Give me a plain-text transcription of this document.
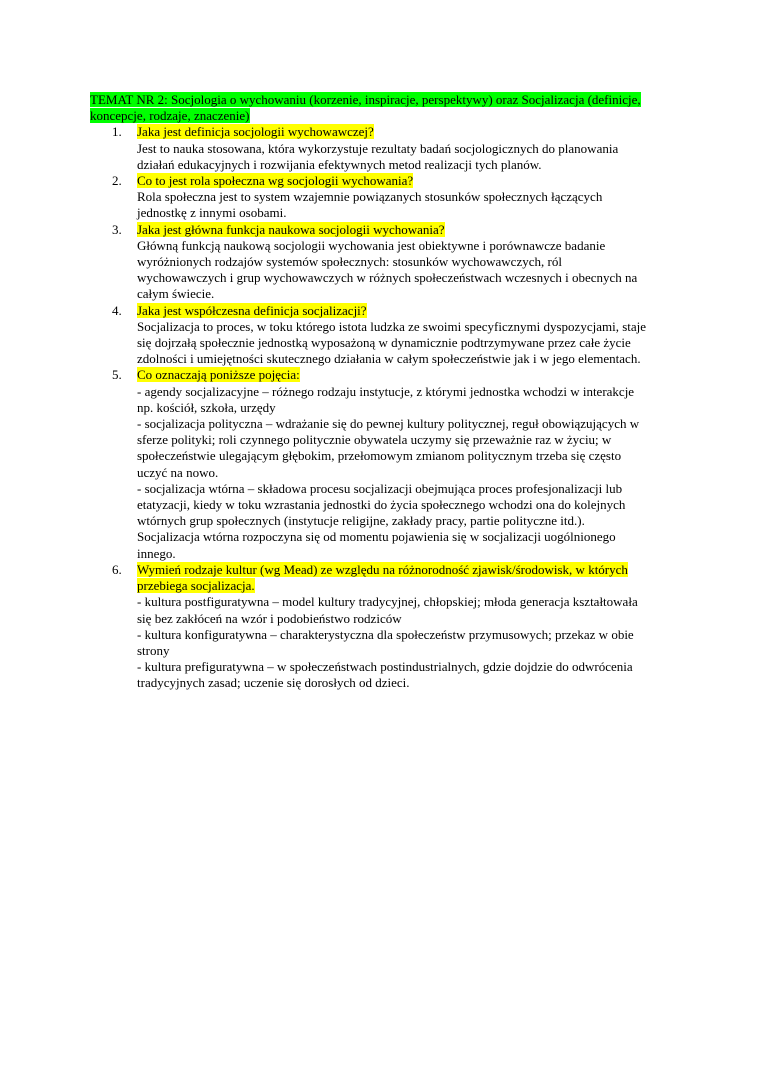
TEMAT NR 2: Socjologia o wychowaniu (korzenie, inspiracje, perspektywy) oraz Socjalizacja (definicje, koncepcje, rodzaje, znaczenie)

1. Jaka jest definicja socjologii wychowawczej?
Jest to nauka stosowana, która wykorzystuje rezultaty badań socjologicznych do planowania działań edukacyjnych i rozwijania efektywnych metod realizacji tych planów.
2. Co to jest rola społeczna wg socjologii wychowania?
Rola społeczna jest to system wzajemnie powiązanych stosunków społecznych łączących jednostkę z innymi osobami.
3. Jaka jest główna funkcja naukowa socjologii wychowania?
Główną funkcją naukową socjologii wychowania jest obiektywne i porównawcze badanie wyróżnionych rodzajów systemów społecznych: stosunków wychowawczych, ról wychowawczych i grup wychowawczych w różnych społeczeństwach wczesnych i obecnych na całym świecie.
4. Jaka jest współczesna definicja socjalizacji?
Socjalizacja to proces, w toku którego istota ludzka ze swoimi specyficznymi dyspozycjami, staje się dojrzałą społecznie jednostką wyposażoną w dynamicznie podtrzymywane przez całe życie zdolności i umiejętności skutecznego działania w całym społeczeństwie jak i w jego elementach.
5. Co oznaczają poniższe pojęcia:
- agendy socjalizacyjne – różnego rodzaju instytucje, z którymi jednostka wchodzi w interakcje np. kościół, szkoła, urzędy
- socjalizacja polityczna – wdrażanie się do pewnej kultury politycznej, reguł obowiązujących w sferze polityki; roli czynnego politycznie obywatela uczymy się przeważnie raz w życiu; w społeczeństwie ulegającym głębokim, przełomowym zmianom politycznym trzeba się często uczyć na nowo.
- socjalizacja wtórna – składowa procesu socjalizacji obejmująca proces profesjonalizacji lub etatyzacji, kiedy w toku wzrastania jednostki do życia społecznego wchodzi ona do kolejnych wtórnych grup społecznych (instytucje religijne, zakłady pracy, partie polityczne itd.). Socjalizacja wtórna rozpoczyna się od momentu pojawienia się w socjalizacji uogólnionego innego.
6. Wymień rodzaje kultur (wg Mead) ze względu na różnorodność zjawisk/środowisk, w których przebiega socjalizacja.
- kultura postfiguratywna – model kultury tradycyjnej, chłopskiej; młoda generacja kształtowała się bez zakłóceń na wzór i podobieństwo rodziców
- kultura konfiguratywna – charakterystyczna dla społeczeństw przymusowych; przekaz w obie strony
- kultura prefiguratywna – w społeczeństwach postindustrialnych, gdzie dojdzie do odwrócenia tradycyjnych zasad; uczenie się dorosłych od dzieci.
